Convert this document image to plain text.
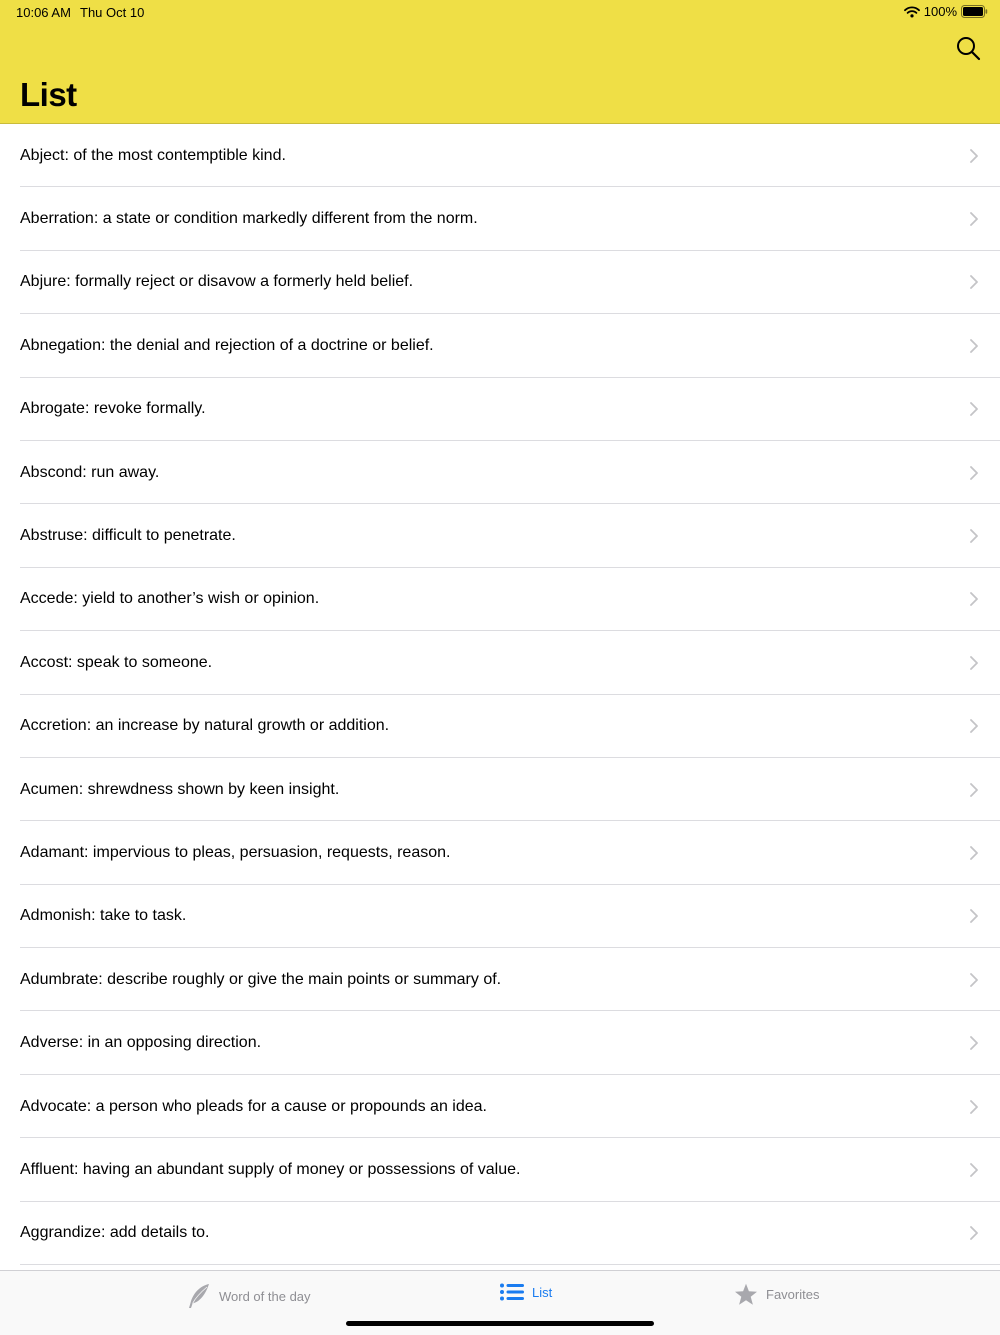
10:06 AM Thu Oct 10	100%
List
Abject: of the most contemptible kind.
Aberration: a state or condition markedly different from the norm.
Abjure: formally reject or disavow a formerly held belief.
Abnegation: the denial and rejection of a doctrine or belief.
Abrogate: revoke formally.
Abscond: run away.
Abstruse: difficult to penetrate.
Accede: yield to another’s wish or opinion.
Accost: speak to someone.
Accretion: an increase by natural growth or addition.
Acumen: shrewdness shown by keen insight.
Adamant: impervious to pleas, persuasion, requests, reason.
Admonish: take to task.
Adumbrate: describe roughly or give the main points or summary of.
Adverse: in an opposing direction.
Advocate: a person who pleads for a cause or propounds an idea.
Affluent: having an abundant supply of money or possessions of value.
Aggrandize: add details to.
Word of the day	List	Favorites
